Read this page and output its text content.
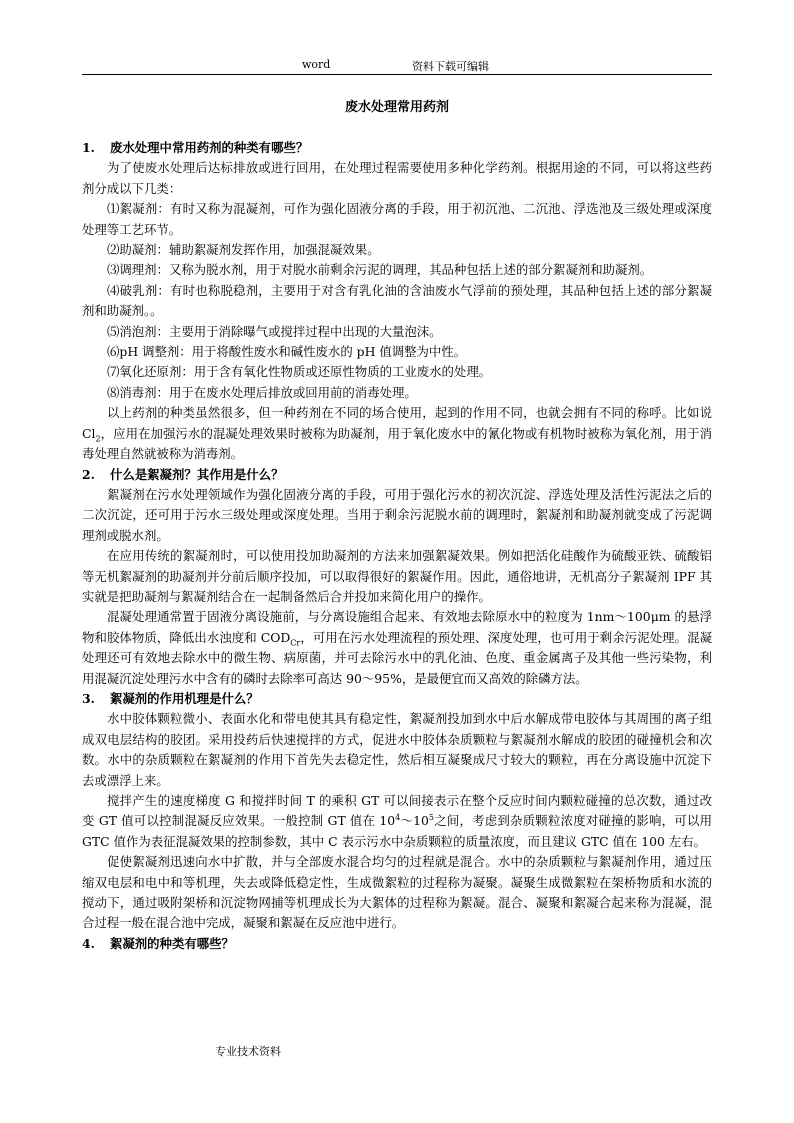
word	资料下载可编辑
废水处理常用药剂
1. 废水处理中常用药剂的种类有哪些？

为了使废水处理后达标排放或进行回用，在处理过程需要使用多种化学药剂。根据用途的不同，可以将这些药剂分成以下几类：

⑴絮凝剂：有时又称为混凝剂，可作为强化固液分离的手段，用于初沉池、二沉池、浮选池及三级处理或深度处理等工艺环节。

⑵助凝剂：辅助絮凝剂发挥作用，加强混凝效果。

⑶调理剂：又称为脱水剂，用于对脱水前剩余污泥的调理，其品种包括上述的部分絮凝剂和助凝剂。

⑷破乳剂：有时也称脱稳剂，主要用于对含有乳化油的含油废水气浮前的预处理，其品种包括上述的部分絮凝剂和助凝剂。。

⑸消泡剂：主要用于消除曝气或搅拌过程中出现的大量泡沫。

⑹pH 调整剂：用于将酸性废水和碱性废水的 pH 值调整为中性。

⑺氧化还原剂：用于含有氧化性物质或还原性物质的工业废水的处理。

⑻消毒剂：用于在废水处理后排放或回用前的消毒处理。

以上药剂的种类虽然很多，但一种药剂在不同的场合使用，起到的作用不同，也就会拥有不同的称呼。比如说 $Cl_2$，应用在加强污水的混凝处理效果时被称为助凝剂，用于氧化废水中的氰化物或有机物时被称为氧化剂，用于消毒处理自然就被称为消毒剂。

2. 什么是絮凝剂？其作用是什么？

絮凝剂在污水处理领域作为强化固液分离的手段，可用于强化污水的初次沉淀、浮选处理及活性污泥法之后的二次沉淀，还可用于污水三级处理或深度处理。当用于剩余污泥脱水前的调理时，絮凝剂和助凝剂就变成了污泥调理剂或脱水剂。

在应用传统的絮凝剂时，可以使用投加助凝剂的方法来加强絮凝效果。例如把活化硅酸作为硫酸亚铁、硫酸铝等无机絮凝剂的助凝剂并分前后顺序投加，可以取得很好的絮凝作用。因此，通俗地讲，无机高分子絮凝剂 IPF 其实就是把助凝剂与絮凝剂结合在一起制备然后合并投加来简化用户的操作。

混凝处理通常置于固液分离设施前，与分离设施组合起来、有效地去除原水中的粒度为 1nm～100μm 的悬浮物和胶体物质，降低出水浊度和 $COD_{Cr}$，可用在污水处理流程的预处理、深度处理，也可用于剩余污泥处理。混凝处理还可有效地去除水中的微生物、病原菌，并可去除污水中的乳化油、色度、重金属离子及其他一些污染物，利用混凝沉淀处理污水中含有的磷时去除率可高达 90～95%，是最便宜而又高效的除磷方法。

3. 絮凝剂的作用机理是什么？

水中胶体颗粒微小、表面水化和带电使其具有稳定性，絮凝剂投加到水中后水解成带电胶体与其周围的离子组成双电层结构的胶团。采用投药后快速搅拌的方式，促进水中胶体杂质颗粒与絮凝剂水解成的胶团的碰撞机会和次数。水中的杂质颗粒在絮凝剂的作用下首先失去稳定性，然后相互凝聚成尺寸较大的颗粒，再在分离设施中沉淀下去或漂浮上来。

搅拌产生的速度梯度 G 和搅拌时间 T 的乘积 GT 可以间接表示在整个反应时间内颗粒碰撞的总次数，通过改变 GT 值可以控制混凝反应效果。一般控制 GT 值在 $10^4\sim 10^5$之间，考虑到杂质颗粒浓度对碰撞的影响，可以用 GTC 值作为表征混凝效果的控制参数，其中 C 表示污水中杂质颗粒的质量浓度，而且建议 GTC 值在 100 左右。

促使絮凝剂迅速向水中扩散，并与全部废水混合均匀的过程就是混合。水中的杂质颗粒与絮凝剂作用，通过压缩双电层和电中和等机理，失去或降低稳定性，生成微絮粒的过程称为凝聚。凝聚生成微絮粒在架桥物质和水流的搅动下，通过吸附架桥和沉淀物网捕等机理成长为大絮体的过程称为絮凝。混合、凝聚和絮凝合起来称为混凝，混合过程一般在混合池中完成，凝聚和絮凝在反应池中进行。

4. 絮凝剂的种类有哪些？
专业技术资料
